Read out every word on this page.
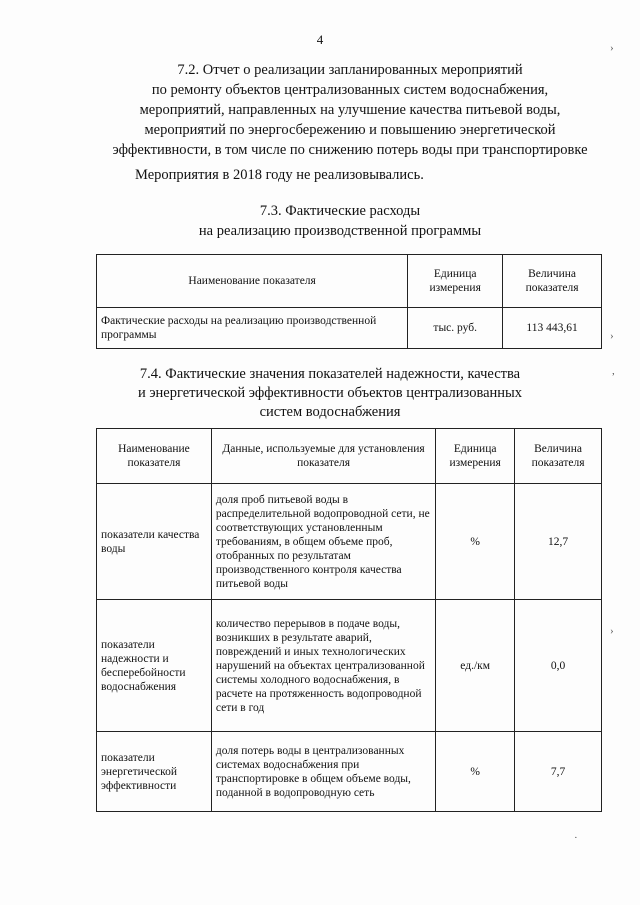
4
7.2. Отчет о реализации запланированных мероприятий
по ремонту объектов централизованных систем водоснабжения,
мероприятий, направленных на улучшение качества питьевой воды,
мероприятий по энергосбережению и повышению энергетической
эффективности, в том числе по снижению потерь воды при транспортировке
Мероприятия в 2018 году не реализовывались.
7.3. Фактические расходы
на реализацию производственной программы
Наименование показателя	Единица измерения	Величина показателя
Фактические расходы на реализацию производственной программы	тыс. руб.	113 443,61
7.4. Фактические значения показателей надежности, качества
и энергетической эффективности объектов централизованных
систем водоснабжения
Наименование показателя	Данные, используемые для установления показателя	Единица измерения	Величина показателя
показатели качества воды	доля проб питьевой воды в распределительной водопроводной сети, не соответствующих установленным требованиям, в общем объеме проб, отобранных по результатам производственного контроля качества питьевой воды	%	12,7
показатели надежности и бесперебойности водоснабжения	количество перерывов в подаче воды, возникших в результате аварий, повреждений и иных технологических нарушений на объектах централизованной системы холодного водоснабжения, в расчете на протяженность водопроводной сети в год	ед./км	0,0
показатели энергетической эффективности	доля потерь воды в централизованных системах водоснабжения при транспортировке в общем объеме воды, поданной в водопроводную сеть	%	7,7
›
›
,
›
·
